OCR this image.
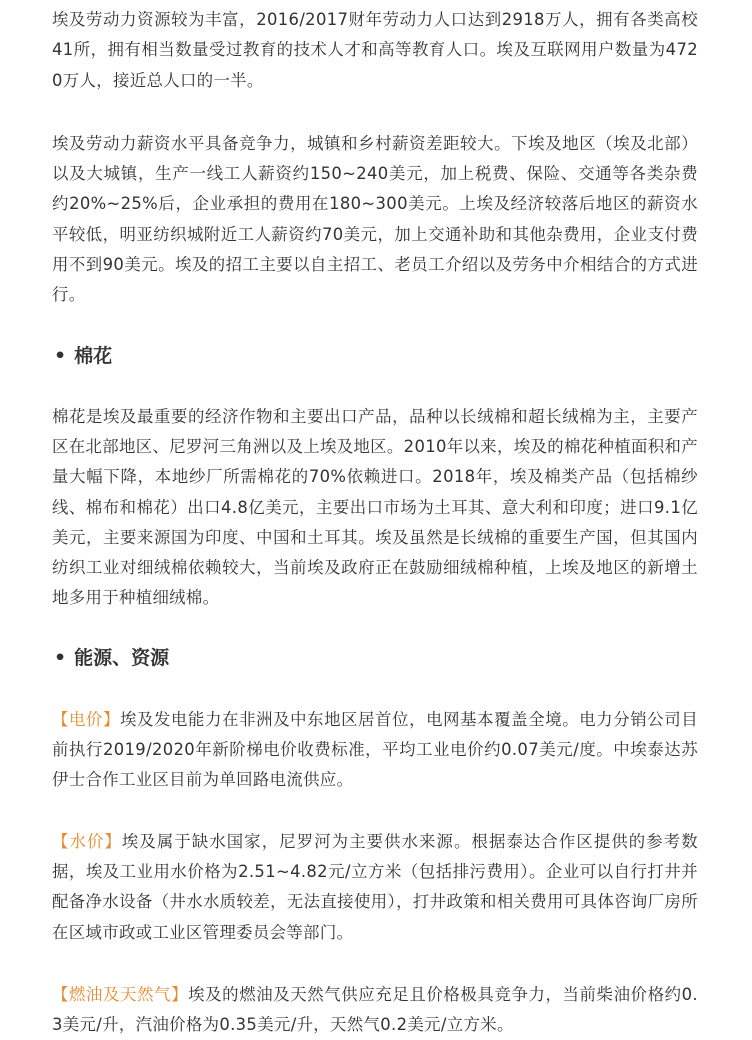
埃及劳动力资源较为丰富，2016/2017财年劳动力人口达到2918万人，拥有各类高校41所，拥有相当数量受过教育的技术人才和高等教育人口。埃及互联网用户数量为4720万人，接近总人口的一半。

埃及劳动力薪资水平具备竞争力，城镇和乡村薪资差距较大。下埃及地区（埃及北部）以及大城镇，生产一线工人薪资约150~240美元，加上税费、保险、交通等各类杂费约20%~25%后，企业承担的费用在180~300美元。上埃及经济较落后地区的薪资水平较低，明亚纺织城附近工人薪资约70美元，加上交通补助和其他杂费用，企业支付费用不到90美元。埃及的招工主要以自主招工、老员工介绍以及劳务中介相结合的方式进行。

• 棉花

棉花是埃及最重要的经济作物和主要出口产品，品种以长绒棉和超长绒棉为主，主要产区在北部地区、尼罗河三角洲以及上埃及地区。2010年以来，埃及的棉花种植面积和产量大幅下降，本地纱厂所需棉花的70%依赖进口。2018年，埃及棉类产品（包括棉纱线、棉布和棉花）出口4.8亿美元，主要出口市场为土耳其、意大利和印度；进口9.1亿美元，主要来源国为印度、中国和土耳其。埃及虽然是长绒棉的重要生产国，但其国内纺织工业对细绒棉依赖较大，当前埃及政府正在鼓励细绒棉种植，上埃及地区的新增土地多用于种植细绒棉。

• 能源、资源

【电价】埃及发电能力在非洲及中东地区居首位，电网基本覆盖全境。电力分销公司目前执行2019/2020年新阶梯电价收费标准，平均工业电价约0.07美元/度。中埃泰达苏伊士合作工业区目前为单回路电流供应。

【水价】埃及属于缺水国家，尼罗河为主要供水来源。根据泰达合作区提供的参考数据，埃及工业用水价格为2.51~4.82元/立方米（包括排污费用）。企业可以自行打井并配备净水设备（井水水质较差，无法直接使用），打井政策和相关费用可具体咨询厂房所在区域市政或工业区管理委员会等部门。

【燃油及天然气】埃及的燃油及天然气供应充足且价格极具竞争力，当前柴油价格约0.3美元/升，汽油价格为0.35美元/升，天然气0.2美元/立方米。
